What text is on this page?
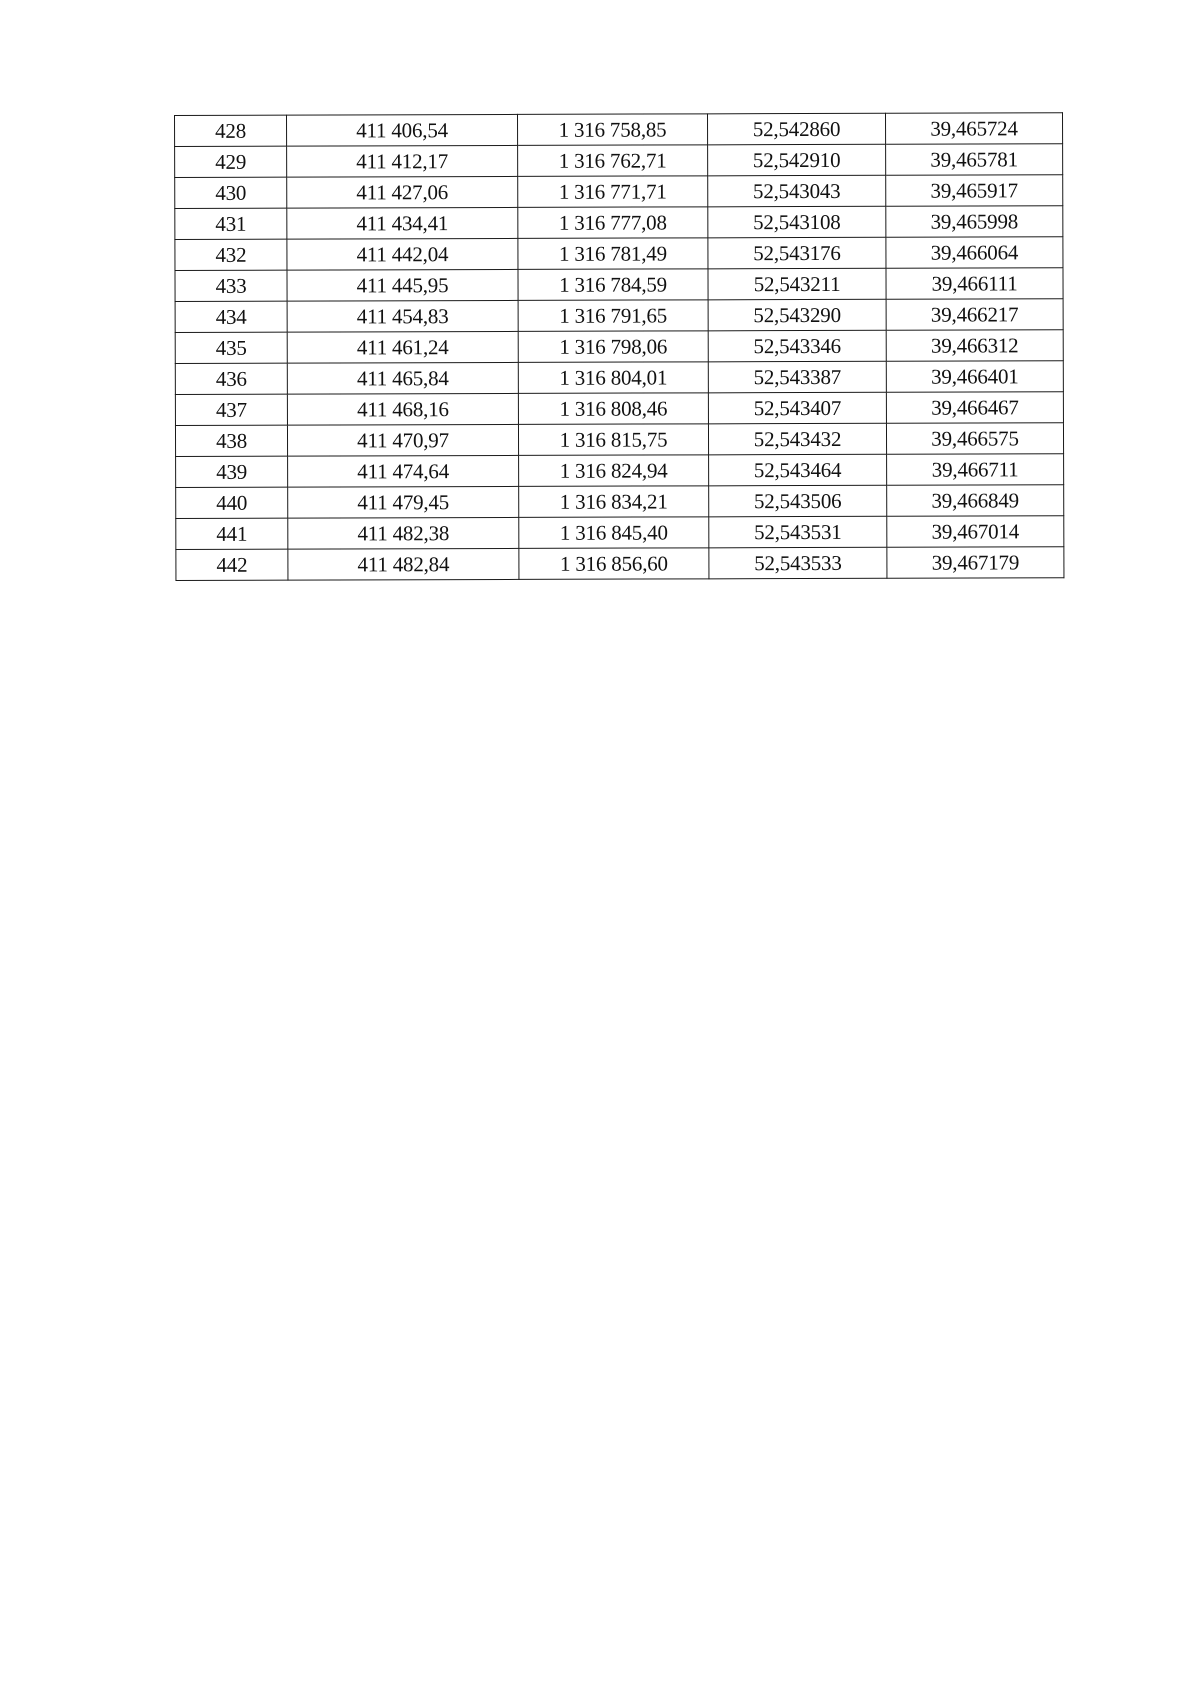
428	411 406,54	1 316 758,85	52,542860	39,465724
429	411 412,17	1 316 762,71	52,542910	39,465781
430	411 427,06	1 316 771,71	52,543043	39,465917
431	411 434,41	1 316 777,08	52,543108	39,465998
432	411 442,04	1 316 781,49	52,543176	39,466064
433	411 445,95	1 316 784,59	52,543211	39,466111
434	411 454,83	1 316 791,65	52,543290	39,466217
435	411 461,24	1 316 798,06	52,543346	39,466312
436	411 465,84	1 316 804,01	52,543387	39,466401
437	411 468,16	1 316 808,46	52,543407	39,466467
438	411 470,97	1 316 815,75	52,543432	39,466575
439	411 474,64	1 316 824,94	52,543464	39,466711
440	411 479,45	1 316 834,21	52,543506	39,466849
441	411 482,38	1 316 845,40	52,543531	39,467014
442	411 482,84	1 316 856,60	52,543533	39,467179
